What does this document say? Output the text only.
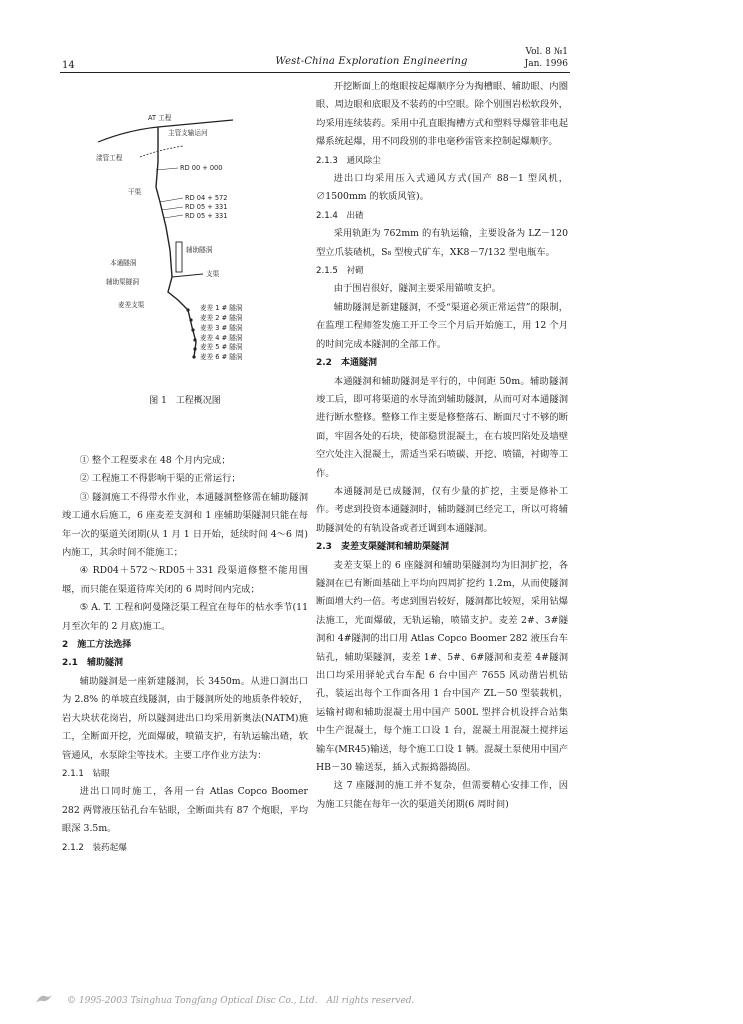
14	West-China Exploration Engineering
Vol. 8 №1
Jan. 1996
AT 工程
主管支输运河
漾管工程
RD 00 + 000
干渠
RD 04 + 572
RD 05 + 331
RD 05 + 331
辅助隧洞
本通隧洞
支渠
辅助渠隧洞
麦差支渠	麦差 1 # 隧洞
麦差 2 # 隧洞
麦差 3 # 隧洞
麦差 4 # 隧洞
麦差 5 # 隧洞
麦差 6 # 隧洞
图 1　工程概况图

① 整个工程要求在 48 个月内完成；

② 工程施工不得影响干渠的正常运行；

③ 隧洞施工不得带水作业，本通隧洞整修需在辅助隧洞竣工通水后施工，6 座麦差支洞和 1 座辅助渠隧洞只能在每年一次的渠道关闭期(从 1 月 1 日开始，延续时间 4～6 周)内施工，其余时间不能施工；

④ RD04＋572～RD05＋331 段渠道修整不能用围堰，而只能在渠道待库关闭的 6 周时间内完成；

⑤ A. T. 工程和阿曼隆泛渠工程宜在每年的枯水季节(11 月至次年的 2 月底)施工。

2　施工方法选择

2.1　辅助隧洞

辅助隧洞是一座新建隧洞，长 3450m。从进口洞出口为 2.8% 的单坡直线隧洞，由于隧洞所处的地质条件较好，岩大块状花岗岩，所以隧洞进出口均采用新奥法(NATM)施工，全断面开挖，光面爆破，喷锚支护，有轨运输出碴，软管通风，水泵除尘等技术。主要工序作业方法为：

2.1.1　钻眼

进出口同时施工，各用一台 Atlas Copco Boomer 282 两臂液压钻孔台车钻眼，全断面共有 87 个炮眼，平均眼深 3.5m。

2.1.2　装药起爆

开挖断面上的炮眼按起爆顺序分为掏槽眼、辅助眼、内圈眼、周边眼和底眼及不装药的中空眼。除个别围岩松软段外，均采用连续装药。采用中孔直眼掏槽方式和塑料导爆管非电起爆系统起爆，用不同段别的非电毫秒雷管来控制起爆顺序。

2.1.3　通风除尘

进出口均采用压入式通风方式(国产 88－1 型风机，∅1500mm 的软质风管)。

2.1.4　出碴

采用轨距为 762mm 的有轨运输，主要设备为 LZ－120 型立爪装碴机，S₈ 型梭式矿车，XK8－7/132 型电瓶车。

2.1.5　衬砌

由于围岩很好，隧洞主要采用锚喷支护。

辅助隧洞是新建隧洞，不受“渠道必须正常运营”的限制，在监理工程师签发施工开工令三个月后开始施工，用 12 个月的时间完成本隧洞的全部工作。

2.2　本通隧洞

本通隧洞和辅助隧洞是平行的，中间距 50m。辅助隧洞竣工后，即可将渠道的水导流到辅助隧洞，从而可对本通隧洞进行断水整修。整修工作主要是修整落石、断面尺寸不够的断面，牢固各处的石块，使部稳贯混凝土，在右坡凹陷处及墙壁空穴处注入混凝土，需适当采石喷碳、开挖、喷锚，衬砌等工作。

本通隧洞是已成隧洞，仅有少量的扩挖，主要是修补工作。考虑到投资本通隧洞时，辅助隧洞已经完工，所以可将辅助隧洞处的有轨设备或者迁调到本通隧洞。

2.3　麦差支渠隧洞和辅助渠隧洞

麦差支渠上的 6 座隧洞和辅助渠隧洞均为旧洞扩挖，各隧洞在已有断面基础上平均向四周扩挖约 1.2m，从而使隧洞断面增大约一倍。考虑到围岩较好，隧洞都比较短，采用钻爆法施工，光面爆破，无轨运输，喷锚支护。麦差 2#、3#隧洞和 4#隧洞的出口用 Atlas Copco Boomer 282 液压台车钻孔，辅助渠隧洞，麦差 1#、5#、6#隧洞和麦差 4#隧洞出口均采用驿轮式台车配 6 台中国产 7655 风动凿岩机钻孔，装运出每个工作面各用 1 台中国产 ZL－50 型装载机，运输衬砌和辅助混凝土用中国产 500L 型拌合机设拌合站集中生产混凝土，每个施工口设 1 台，混凝土用混凝土搅拌运输车(MR45)输送，每个施工口设 1 辆。混凝土泵使用中国产 HB－30 输送泵，插入式振捣器捣固。

这 7 座隧洞的施工并不复杂，但需要精心安排工作，因为施工只能在每年一次的渠道关闭期(6 周时间)

© 1995-2003 Tsinghua Tongfang Optical Disc Co., Ltd.　All rights reserved.
